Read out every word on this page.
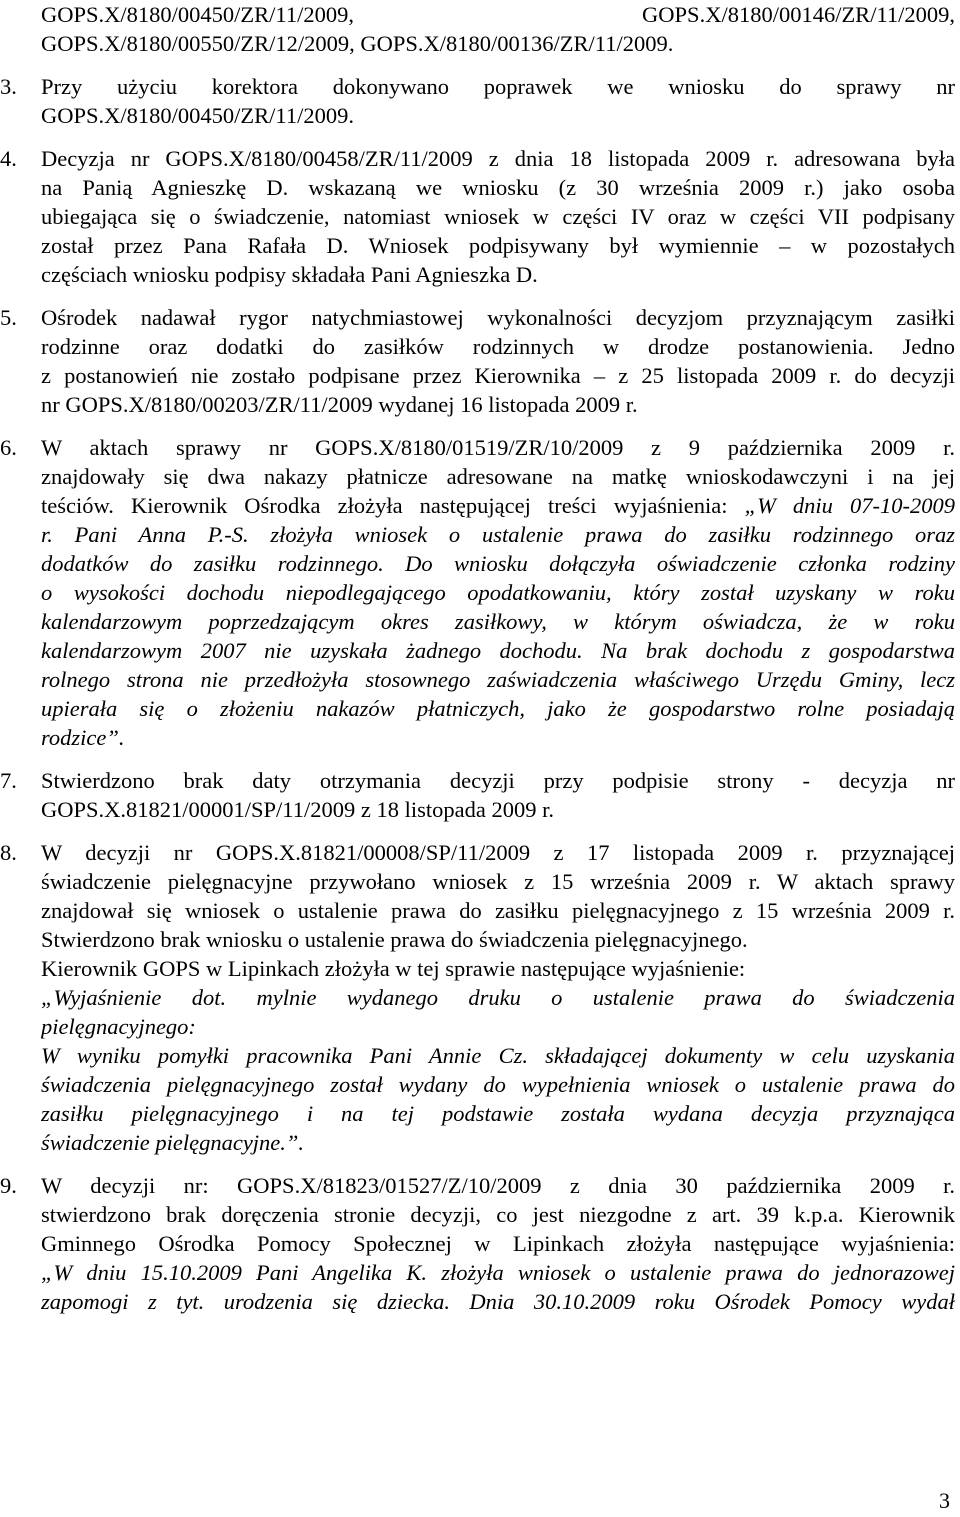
GOPS.X/8180/00450/ZR/11/2009, GOPS.X/8180/00146/ZR/11/2009,
GOPS.X/8180/00550/ZR/12/2009, GOPS.X/8180/00136/ZR/11/2009.
3. Przy użyciu korektora dokonywano poprawek we wniosku do sprawy nr
GOPS.X/8180/00450/ZR/11/2009.
4. Decyzja nr GOPS.X/8180/00458/ZR/11/2009 z dnia 18 listopada 2009 r. adresowana była
na Panią Agnieszkę D. wskazaną we wniosku (z 30 września 2009 r.) jako osoba
ubiegająca się o świadczenie, natomiast wniosek w części IV oraz w części VII podpisany
został przez Pana Rafała D. Wniosek podpisywany był wymiennie – w pozostałych
częściach wniosku podpisy składała Pani Agnieszka D.
5. Ośrodek nadawał rygor natychmiastowej wykonalności decyzjom przyznającym zasiłki
rodzinne oraz dodatki do zasiłków rodzinnych w drodze postanowienia. Jedno
z postanowień nie zostało podpisane przez Kierownika – z 25 listopada 2009 r. do decyzji
nr GOPS.X/8180/00203/ZR/11/2009 wydanej 16 listopada 2009 r.
6. W aktach sprawy nr GOPS.X/8180/01519/ZR/10/2009 z 9 października 2009 r.
znajdowały się dwa nakazy płatnicze adresowane na matkę wnioskodawczyni i na jej
teściów. Kierownik Ośrodka złożyła następującej treści wyjaśnienia: „W dniu 07-10-2009
r. Pani Anna P.-S. złożyła wniosek o ustalenie prawa do zasiłku rodzinnego oraz
dodatków do zasiłku rodzinnego. Do wniosku dołączyła oświadczenie członka rodziny
o wysokości dochodu niepodlegającego opodatkowaniu, który został uzyskany w roku
kalendarzowym poprzedzającym okres zasiłkowy, w którym oświadcza, że w roku
kalendarzowym 2007 nie uzyskała żadnego dochodu. Na brak dochodu z gospodarstwa
rolnego strona nie przedłożyła stosownego zaświadczenia właściwego Urzędu Gminy, lecz
upierała się o złożeniu nakazów płatniczych, jako że gospodarstwo rolne posiadają
rodzice”.
7. Stwierdzono brak daty otrzymania decyzji przy podpisie strony - decyzja nr
GOPS.X.81821/00001/SP/11/2009 z 18 listopada 2009 r.
8. W decyzji nr GOPS.X.81821/00008/SP/11/2009 z 17 listopada 2009 r. przyznającej
świadczenie pielęgnacyjne przywołano wniosek z 15 września 2009 r. W aktach sprawy
znajdował się wniosek o ustalenie prawa do zasiłku pielęgnacyjnego z 15 września 2009 r.
Stwierdzono brak wniosku o ustalenie prawa do świadczenia pielęgnacyjnego.
Kierownik GOPS w Lipinkach złożyła w tej sprawie następujące wyjaśnienie:
„Wyjaśnienie dot. mylnie wydanego druku o ustalenie prawa do świadczenia
pielęgnacyjnego:
W wyniku pomyłki pracownika Pani Annie Cz. składającej dokumenty w celu uzyskania
świadczenia pielęgnacyjnego został wydany do wypełnienia wniosek o ustalenie prawa do
zasiłku pielęgnacyjnego i na tej podstawie została wydana decyzja przyznająca
świadczenie pielęgnacyjne.”.
9. W decyzji nr: GOPS.X/81823/01527/Z/10/2009 z dnia 30 października 2009 r.
stwierdzono brak doręczenia stronie decyzji, co jest niezgodne z art. 39 k.p.a. Kierownik
Gminnego Ośrodka Pomocy Społecznej w Lipinkach złożyła następujące wyjaśnienia:
„W dniu 15.10.2009 Pani Angelika K. złożyła wniosek o ustalenie prawa do jednorazowej
zapomogi z tyt. urodzenia się dziecka. Dnia 30.10.2009 roku Ośrodek Pomocy wydał
3
